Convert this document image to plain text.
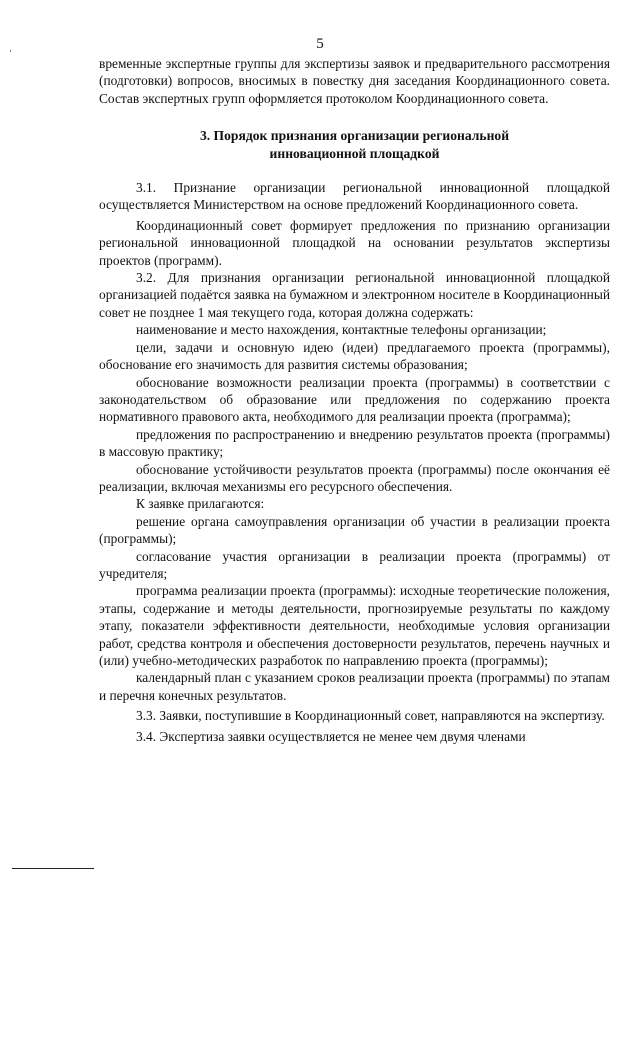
5

временные экспертные группы для экспертизы заявок и предварительного рассмотрения (подготовки) вопросов, вносимых в повестку дня заседания Координационного совета. Состав экспертных групп оформляется протоколом Координационного совета.

3. Порядок признания организации региональной
инновационной площадкой

3.1. Признание организации региональной инновационной площадкой осуществляется Министерством на основе предложений Координационного совета.

Координационный совет формирует предложения по признанию организации региональной инновационной площадкой на основании результатов экспертизы проектов (программ).

3.2. Для признания организации региональной инновационной площадкой организацией подаётся заявка на бумажном и электронном носителе в Координационный совет не позднее 1 мая текущего года, которая должна содержать:

наименование и место нахождения, контактные телефоны организации;

цели, задачи и основную идею (идеи) предлагаемого проекта (программы), обоснование его значимость для развития системы образования;

обоснование возможности реализации проекта (программы) в соответствии с законодательством об образование или предложения по содержанию проекта нормативного правового акта, необходимого для реализации проекта (программа);

предложения по распространению и внедрению результатов проекта (программы) в массовую практику;

обоснование устойчивости результатов проекта (программы) после окончания её реализации, включая механизмы его ресурсного обеспечения.

К заявке прилагаются:

решение органа самоуправления организации об участии в реализации проекта (программы);

согласование участия организации в реализации проекта (программы) от учредителя;

программа реализации проекта (программы): исходные теоретические положения, этапы, содержание и методы деятельности, прогнозируемые результаты по каждому этапу, показатели эффективности деятельности, необходимые условия организации работ, средства контроля и обеспечения достоверности результатов, перечень научных и (или) учебно-методических разработок по направлению проекта (программы);

календарный план с указанием сроков реализации проекта (программы) по этапам и перечня конечных результатов.

3.3. Заявки, поступившие в Координационный совет, направляются на экспертизу.

3.4. Экспертиза заявки осуществляется не менее чем двумя членами
